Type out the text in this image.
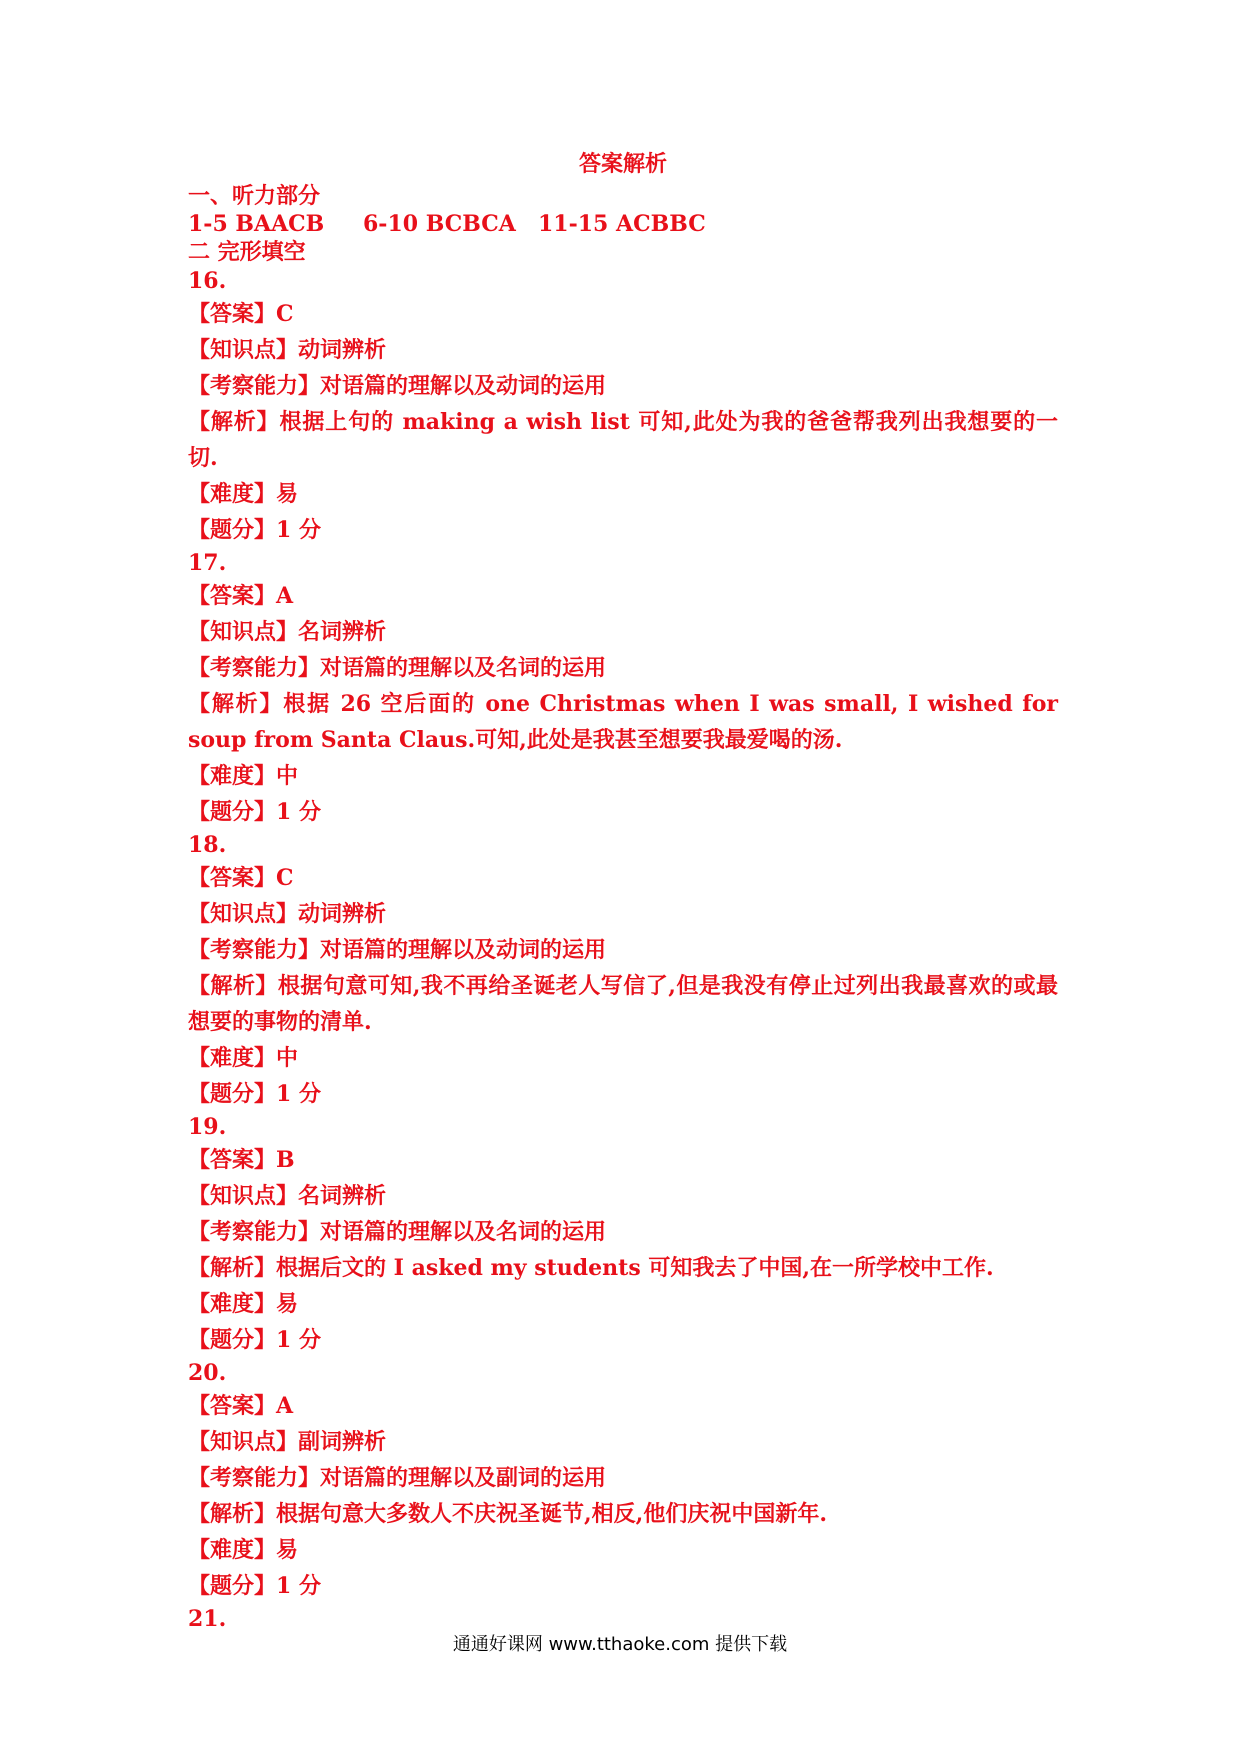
答案解析
一、听力部分
1-5 BAACB 6-10 BCBCA 11-15 ACBBC
二 完形填空
16.
【答案】C
【知识点】动词辨析
【考察能力】对语篇的理解以及动词的运用
【解析】根据上句的 making a wish list 可知,此处为我的爸爸帮我列出我想要的一切.
【难度】易
【题分】1 分
17.
【答案】A
【知识点】名词辨析
【考察能力】对语篇的理解以及名词的运用
【解析】根据 26 空后面的 one Christmas when I was small, I wished for soup from Santa Claus.可知,此处是我甚至想要我最爱喝的汤.
【难度】中
【题分】1 分
18.
【答案】C
【知识点】动词辨析
【考察能力】对语篇的理解以及动词的运用
【解析】根据句意可知,我不再给圣诞老人写信了,但是我没有停止过列出我最喜欢的或最想要的事物的清单.
【难度】中
【题分】1 分
19.
【答案】B
【知识点】名词辨析
【考察能力】对语篇的理解以及名词的运用
【解析】根据后文的 I asked my students 可知我去了中国,在一所学校中工作.
【难度】易
【题分】1 分
20.
【答案】A
【知识点】副词辨析
【考察能力】对语篇的理解以及副词的运用
【解析】根据句意大多数人不庆祝圣诞节,相反,他们庆祝中国新年.
【难度】易
【题分】1 分
21.
通通好课网 www.tthaoke.com 提供下载
